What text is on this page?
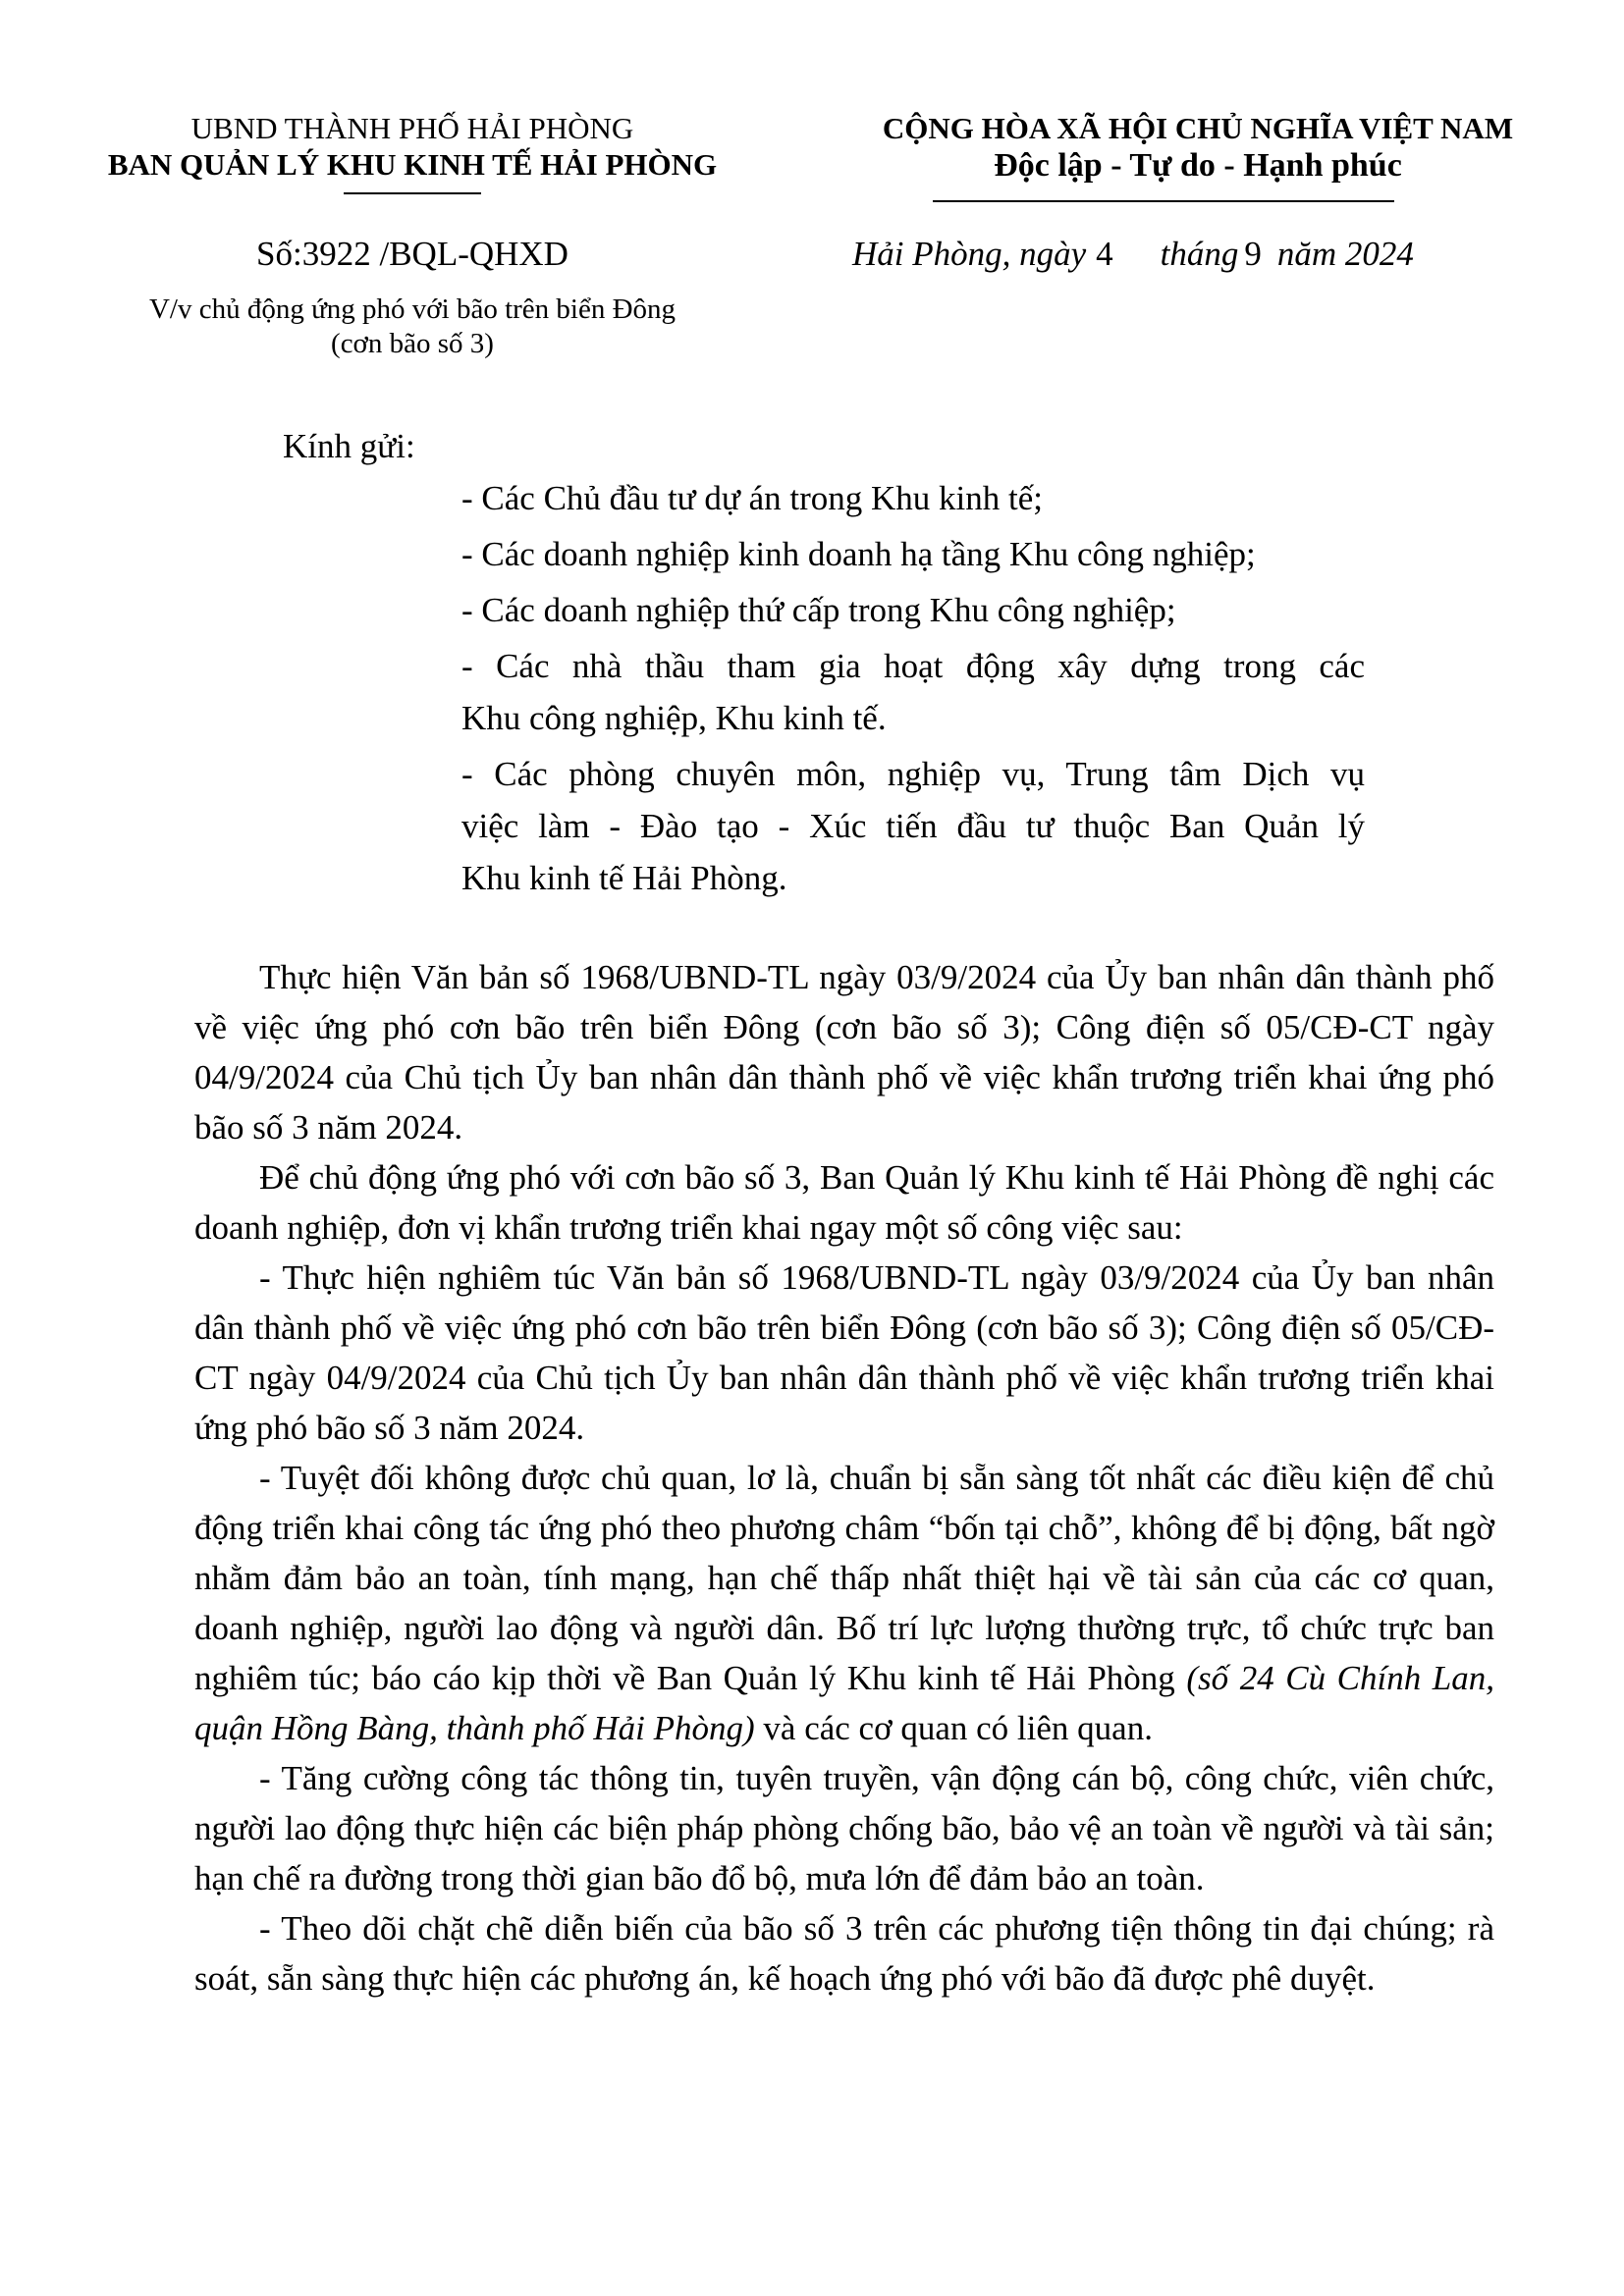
UBND THÀNH PHỐ HẢI PHÒNG
BAN QUẢN LÝ KHU KINH TẾ HẢI PHÒNG
CỘNG HÒA XÃ HỘI CHỦ NGHĨA VIỆT NAM
Độc lập - Tự do - Hạnh phúc
Số:3922 /BQL-QHXD
V/v chủ động ứng phó với bão trên biển Đông
(cơn bão số 3)
Hải Phòng, ngày 4 tháng 9 năm 2024
Kính gửi:
- Các Chủ đầu tư dự án trong Khu kinh tế;
- Các doanh nghiệp kinh doanh hạ tầng Khu công nghiệp;
- Các doanh nghiệp thứ cấp trong Khu công nghiệp;
- Các nhà thầu tham gia hoạt động xây dựng trong các
Khu công nghiệp, Khu kinh tế.
- Các phòng chuyên môn, nghiệp vụ, Trung tâm Dịch vụ
việc làm - Đào tạo - Xúc tiến đầu tư thuộc Ban Quản lý
Khu kinh tế Hải Phòng.

Thực hiện Văn bản số 1968/UBND-TL ngày 03/9/2024 của Ủy ban nhân dân thành phố về việc ứng phó cơn bão trên biển Đông (cơn bão số 3); Công điện số 05/CĐ-CT ngày 04/9/2024 của Chủ tịch Ủy ban nhân dân thành phố về việc khẩn trương triển khai ứng phó bão số 3 năm 2024.

Để chủ động ứng phó với cơn bão số 3, Ban Quản lý Khu kinh tế Hải Phòng đề nghị các doanh nghiệp, đơn vị khẩn trương triển khai ngay một số công việc sau:

- Thực hiện nghiêm túc Văn bản số 1968/UBND-TL ngày 03/9/2024 của Ủy ban nhân dân thành phố về việc ứng phó cơn bão trên biển Đông (cơn bão số 3); Công điện số 05/CĐ-CT ngày 04/9/2024 của Chủ tịch Ủy ban nhân dân thành phố về việc khẩn trương triển khai ứng phó bão số 3 năm 2024.

- Tuyệt đối không được chủ quan, lơ là, chuẩn bị sẵn sàng tốt nhất các điều kiện để chủ động triển khai công tác ứng phó theo phương châm “bốn tại chỗ”, không để bị động, bất ngờ nhằm đảm bảo an toàn, tính mạng, hạn chế thấp nhất thiệt hại về tài sản của các cơ quan, doanh nghiệp, người lao động và người dân. Bố trí lực lượng thường trực, tổ chức trực ban nghiêm túc; báo cáo kịp thời về Ban Quản lý Khu kinh tế Hải Phòng (số 24 Cù Chính Lan, quận Hồng Bàng, thành phố Hải Phòng) và các cơ quan có liên quan.

- Tăng cường công tác thông tin, tuyên truyền, vận động cán bộ, công chức, viên chức, người lao động thực hiện các biện pháp phòng chống bão, bảo vệ an toàn về người và tài sản; hạn chế ra đường trong thời gian bão đổ bộ, mưa lớn để đảm bảo an toàn.

- Theo dõi chặt chẽ diễn biến của bão số 3 trên các phương tiện thông tin đại chúng; rà soát, sẵn sàng thực hiện các phương án, kế hoạch ứng phó với bão đã được phê duyệt.
